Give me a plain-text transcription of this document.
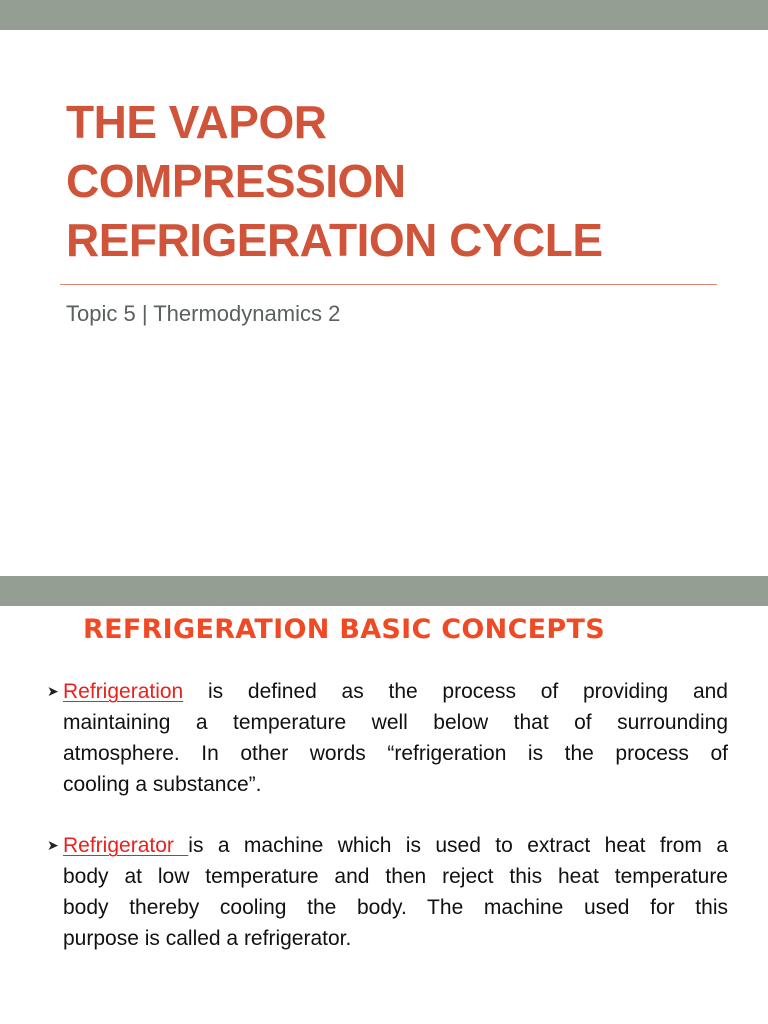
THE VAPOR
COMPRESSION
REFRIGERATION CYCLE

Topic 5 | Thermodynamics 2

REFRIGERATION BASIC CONCEPTS
➤ Refrigeration is defined as the process of providing and
maintaining a temperature well below that of surrounding
atmosphere. In other words “refrigeration is the process of
cooling a substance”.
➤ Refrigerator is a machine which is used to extract heat from a
body at low temperature and then reject this heat temperature
body thereby cooling the body. The machine used for this
purpose is called a refrigerator.
